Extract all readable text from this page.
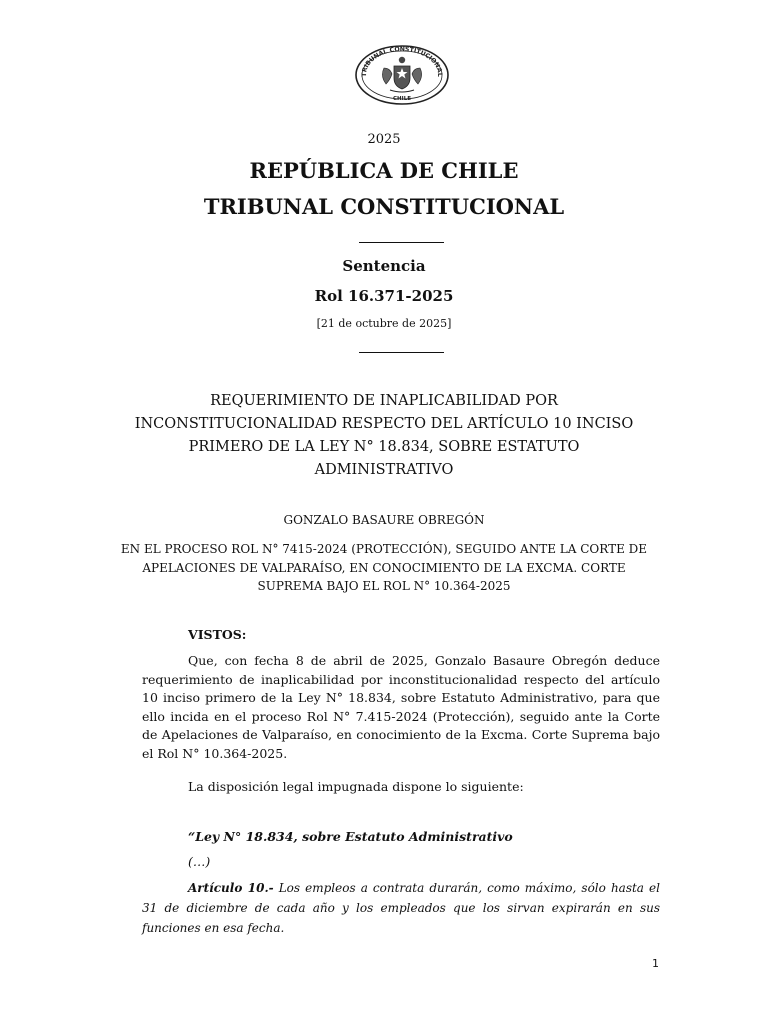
TRIBUNAL CONSTITUCIONAL
CHILE
2025
REPÚBLICA DE CHILE
TRIBUNAL CONSTITUCIONAL
Sentencia
Rol 16.371-2025
[21 de octubre de 2025]
REQUERIMIENTO DE INAPLICABILIDAD POR INCONSTITUCIONALIDAD RESPECTO DEL ARTÍCULO 10 INCISO PRIMERO DE LA LEY N° 18.834, SOBRE ESTATUTO ADMINISTRATIVO
GONZALO BASAURE OBREGÓN
EN EL PROCESO ROL N° 7415-2024 (PROTECCIÓN), SEGUIDO ANTE LA CORTE DE APELACIONES DE VALPARAÍSO, EN CONOCIMIENTO DE LA EXCMA. CORTE SUPREMA BAJO EL ROL N° 10.364-2025
VISTOS:
Que, con fecha 8 de abril de 2025, Gonzalo Basaure Obregón deduce requerimiento de inaplicabilidad por inconstitucionalidad respecto del artículo 10 inciso primero de la Ley N° 18.834, sobre Estatuto Administrativo, para que ello incida en el proceso Rol N° 7.415-2024 (Protección), seguido ante la Corte de Apelaciones de Valparaíso, en conocimiento de la Excma. Corte Suprema bajo el Rol N° 10.364-2025.
La disposición legal impugnada dispone lo siguiente:
“Ley N° 18.834, sobre Estatuto Administrativo
(…)
Artículo 10.- Los empleos a contrata durarán, como máximo, sólo hasta el 31 de diciembre de cada año y los empleados que los sirvan expirarán en sus funciones en esa fecha.
1
